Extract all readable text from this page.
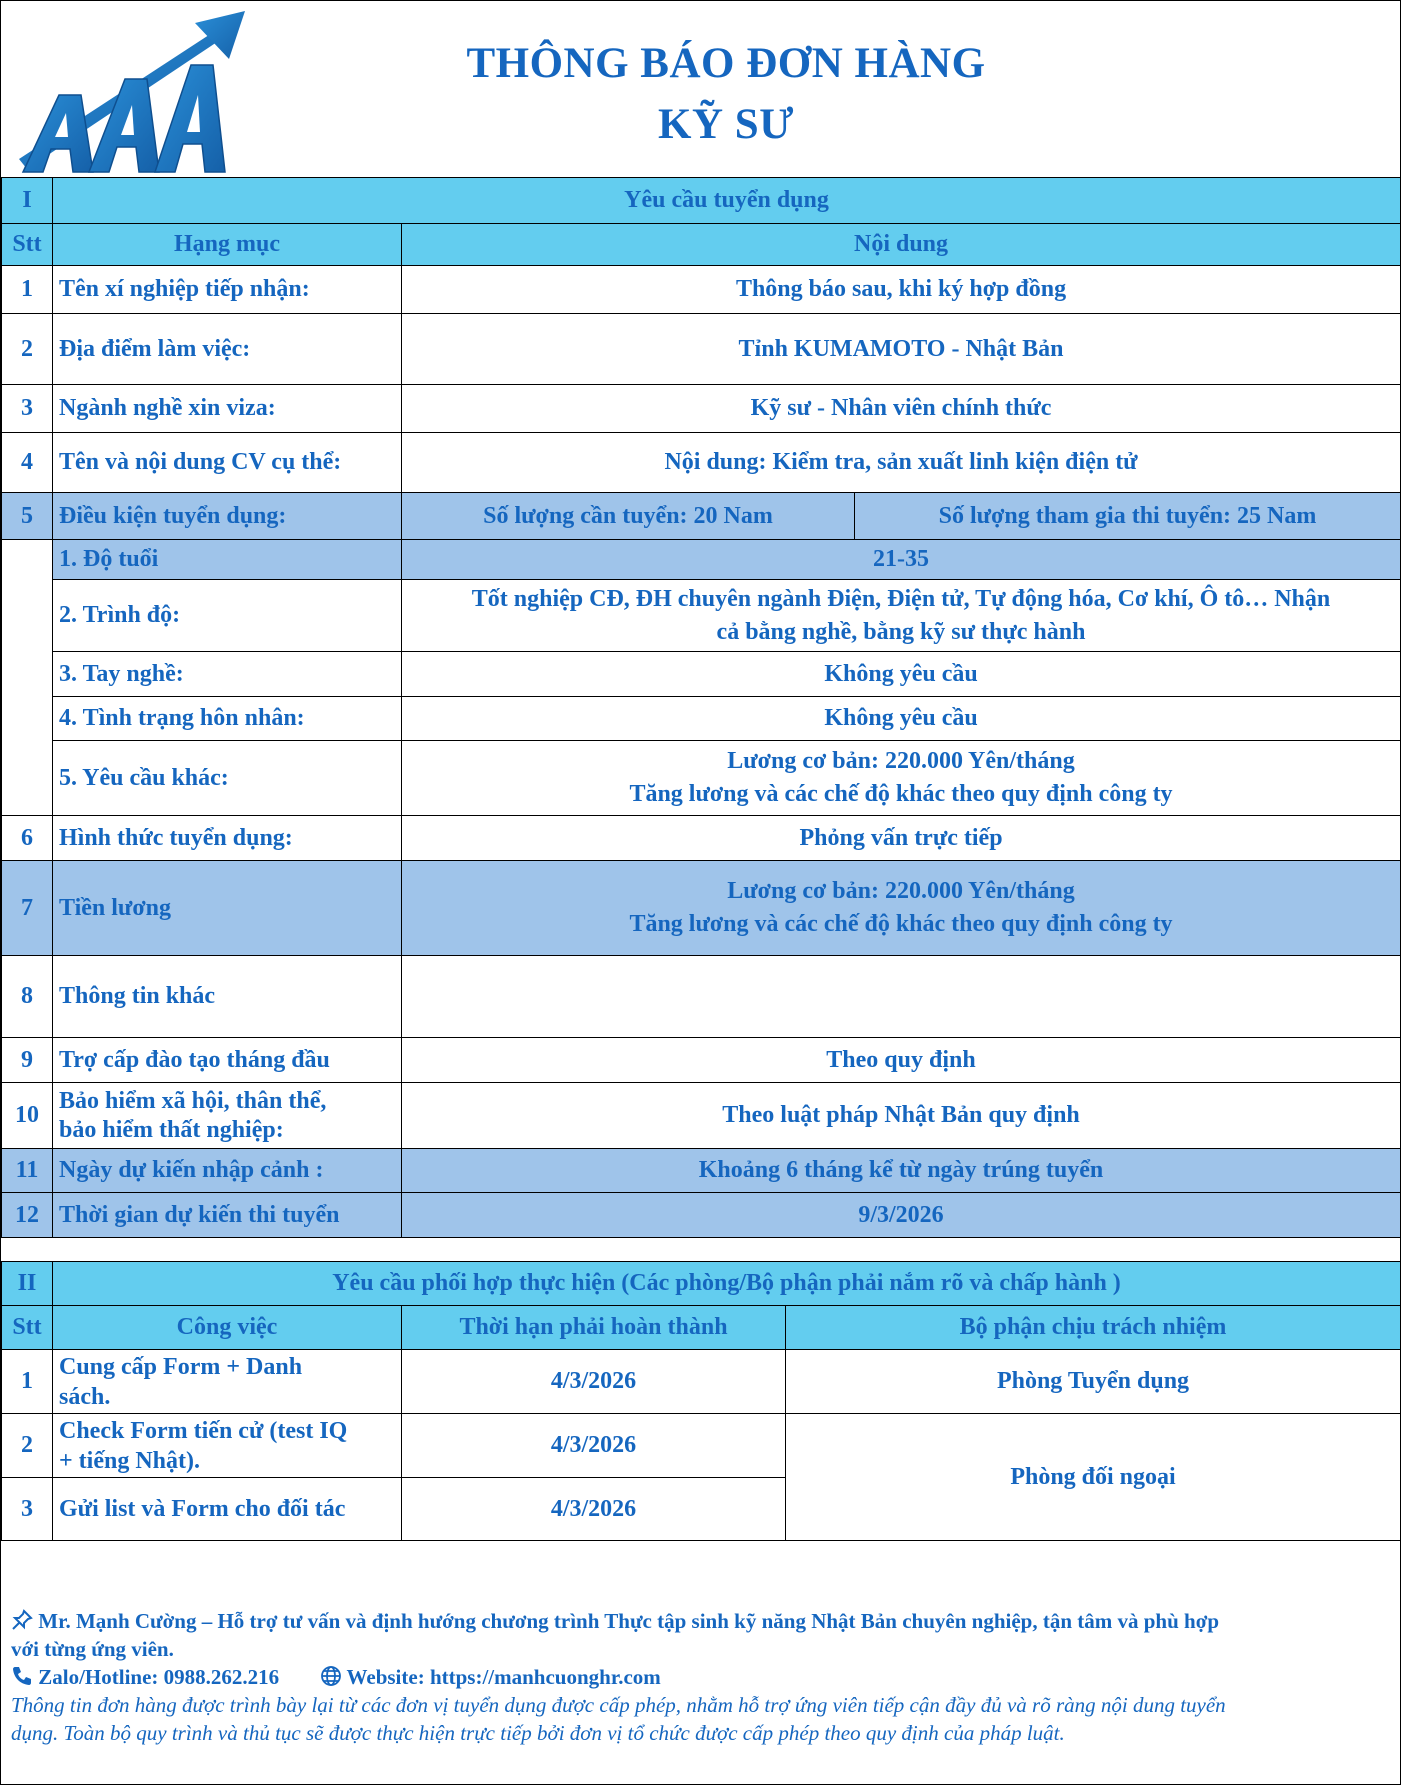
THÔNG BÁO ĐƠN HÀNG
KỸ SƯ
I	Yêu cầu tuyển dụng		
Stt	Hạng mục	Nội dung	
1	Tên xí nghiệp tiếp nhận:	Thông báo sau, khi ký hợp đồng	
2	Địa điểm làm việc:	Tỉnh KUMAMOTO - Nhật Bản	
3	Ngành nghề xin viza:	Kỹ sư - Nhân viên chính thức	
4	Tên và nội dung CV cụ thể:	Nội dung: Kiểm tra, sản xuất linh kiện điện tử	
5	Điều kiện tuyển dụng:	Số lượng cần tuyển: 20 Nam	Số lượng tham gia thi tuyển: 25 Nam
	1. Độ tuổi	21-35	
	2. Trình độ:	Tốt nghiệp CĐ, ĐH chuyên ngành Điện, Điện tử, Tự động hóa, Cơ khí, Ô tô… Nhận
cả bằng nghề, bằng kỹ sư thực hành	

	3. Tay nghề:	Không yêu cầu	
	4. Tình trạng hôn nhân:	Không yêu cầu	
	5. Yêu cầu khác:	Lương cơ bản: 220.000 Yên/tháng
Tăng lương và các chế độ khác theo quy định công ty	

6	Hình thức tuyển dụng:	Phỏng vấn trực tiếp	
7	Tiền lương	Lương cơ bản: 220.000 Yên/tháng
Tăng lương và các chế độ khác theo quy định công ty	

8	Thông tin khác		
9	Trợ cấp đào tạo tháng đầu	Theo quy định	
10	Bảo hiểm xã hội, thân thể,
bảo hiểm thất nghiệp:	Theo luật pháp Nhật Bản quy định	
11	Ngày dự kiến nhập cảnh :	Khoảng 6 tháng kể từ ngày trúng tuyển	
12	Thời gian dự kiến thi tuyển	9/3/2026	
II	Yêu cầu phối hợp thực hiện (Các phòng/Bộ phận phải nắm rõ và chấp hành )		
Stt	Công việc	Thời hạn phải hoàn thành	Bộ phận chịu trách nhiệm
1	Cung cấp Form + Danh
sách.	4/3/2026	Phòng Tuyển dụng
2	Check Form tiến cử (test IQ
+ tiếng Nhật).	4/3/2026	Phòng đối ngoại
3	Gửi list và Form cho đối tác	4/3/2026	
Mr. Mạnh Cường – Hỗ trợ tư vấn và định hướng chương trình Thực tập sinh kỹ năng Nhật Bản chuyên nghiệp, tận tâm và phù hợp
với từng ứng viên.
Zalo/Hotline: 0988.262.216	Website: https://manhcuonghr.com
Thông tin đơn hàng được trình bày lại từ các đơn vị tuyển dụng được cấp phép, nhằm hỗ trợ ứng viên tiếp cận đầy đủ và rõ ràng nội dung tuyển
dụng. Toàn bộ quy trình và thủ tục sẽ được thực hiện trực tiếp bởi đơn vị tổ chức được cấp phép theo quy định của pháp luật.
